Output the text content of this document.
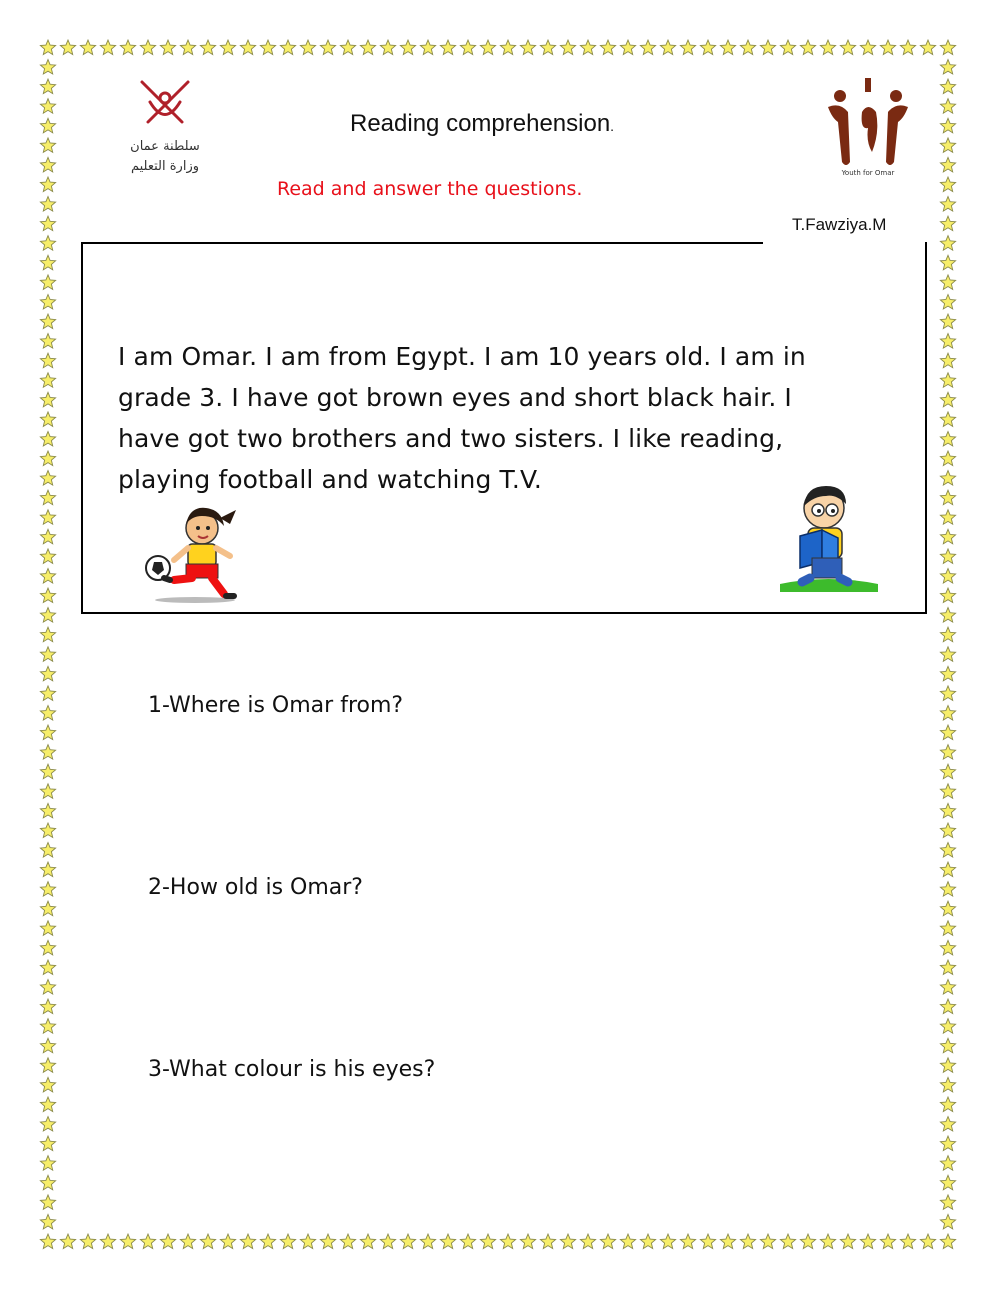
سلطنة عمان
وزارة التعليم
Reading comprehension.
Youth for Omar
Read and answer the questions.
T.Fawziya.M
I am Omar. I am from Egypt. I am 10 years old. I am in
grade 3. I have got brown eyes and short black hair. I
have got two brothers and two sisters. I like reading,
playing football and watching T.V.
1-Where is Omar from?
2-How old is Omar?
3-What colour is his eyes?
